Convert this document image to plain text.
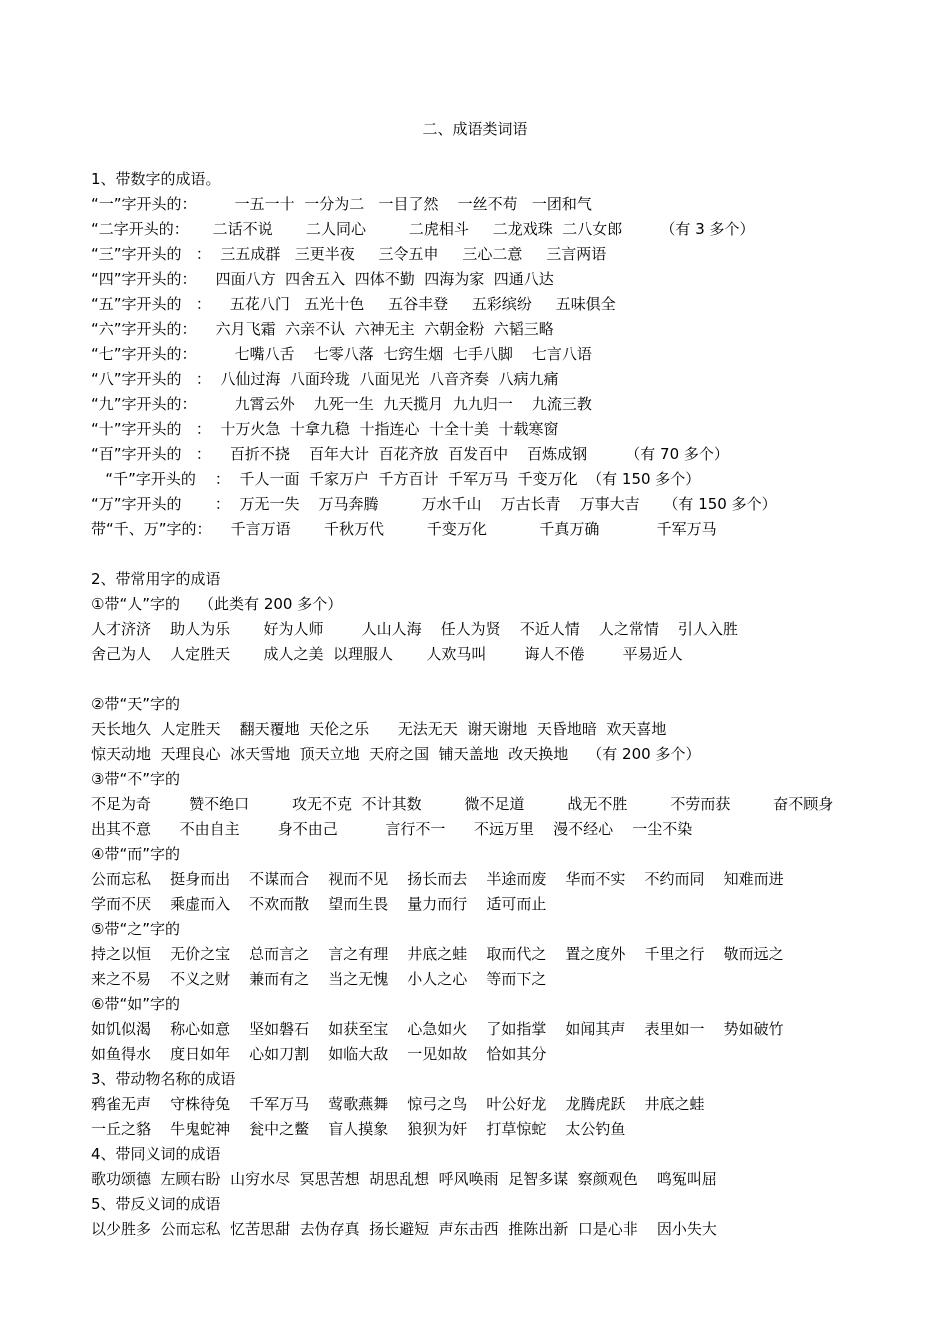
二、成语类词语
1、带数字的成语。
“一”字开头的：        一五一十  一分为二   一目了然    一丝不苟   一团和气
“二字开头的：     二话不说       二人同心         二虎相斗     二龙戏珠  二八女郎        （有 3 多个）
“三”字开头的   ：  三五成群   三更半夜     三令五申     三心二意     三言两语
“四”字开头的：    四面八方  四舍五入  四体不勤  四海为家  四通八达
“五”字开头的   ：    五花八门   五光十色     五谷丰登     五彩缤纷     五味俱全
“六”字开头的：    六月飞霜  六亲不认  六神无主  六朝金粉  六韬三略
“七”字开头的：        七嘴八舌    七零八落  七窍生烟  七手八脚    七言八语
“八”字开头的   ：  八仙过海  八面玲珑  八面见光  八音齐奏  八病九痛
“九”字开头的：        九霄云外    九死一生  九天揽月  九九归一    九流三教
“十”字开头的   ：  十万火急  十拿九稳  十指连心  十全十美  十载寒窗
“百”字开头的   ：    百折不挠    百年大计  百花齐放  百发百中    百炼成钢        （有 70 多个）
“千”字开头的    ：  千人一面  千家万户  千方百计  千军万马  千变万化  （有 150 多个）
“万”字开头的       ：  万无一失    万马奔腾         万水千山    万古长青    万事大吉     （有 150 多个）
带“千、万”字的：    千言万语       千秋万代         千变万化           千真万确            千军万马
2、带常用字的成语
①带“人”字的    （此类有 200 多个）
人才济济    助人为乐       好为人师        人山人海    任人为贤    不近人情    人之常情    引人入胜
舍己为人    人定胜天       成人之美  以理服人       人欢马叫        诲人不倦        平易近人
②带“天”字的
天长地久  人定胜天    翻天覆地  天伦之乐      无法无天  谢天谢地  天昏地暗  欢天喜地
惊天动地  天理良心  冰天雪地  顶天立地  天府之国  铺天盖地  改天换地    （有 200 多个）
③带“不”字的
不足为奇        赞不绝口         攻无不克  不计其数         微不足道         战无不胜         不劳而获         奋不顾身
出其不意      不由自主        身不由己          言行不一      不远万里    漫不经心    一尘不染
④带“而”字的
公而忘私    挺身而出    不谋而合    视而不见    扬长而去    半途而废    华而不实    不约而同    知难而进
学而不厌    乘虚而入    不欢而散    望而生畏    量力而行    适可而止
⑤带“之”字的
持之以恒    无价之宝    总而言之    言之有理    井底之蛙    取而代之    置之度外    千里之行    敬而远之
来之不易    不义之财    兼而有之    当之无愧    小人之心    等而下之
⑥带“如”字的
如饥似渴    称心如意    坚如磐石    如获至宝    心急如火    了如指掌    如闻其声    表里如一    势如破竹
如鱼得水    度日如年    心如刀割    如临大敌    一见如故    恰如其分
3、带动物名称的成语
鸦雀无声    守株待兔    千军万马    莺歌燕舞    惊弓之鸟    叶公好龙    龙腾虎跃    井底之蛙
一丘之貉    牛鬼蛇神    瓮中之鳖    盲人摸象    狼狈为奸    打草惊蛇    太公钓鱼
4、带同义词的成语
歌功颂德  左顾右盼  山穷水尽  冥思苦想  胡思乱想  呼风唤雨  足智多谋  察颜观色    鸣冤叫屈
5、带反义词的成语
以少胜多  公而忘私  忆苦思甜  去伪存真  扬长避短  声东击西  推陈出新  口是心非    因小失大
